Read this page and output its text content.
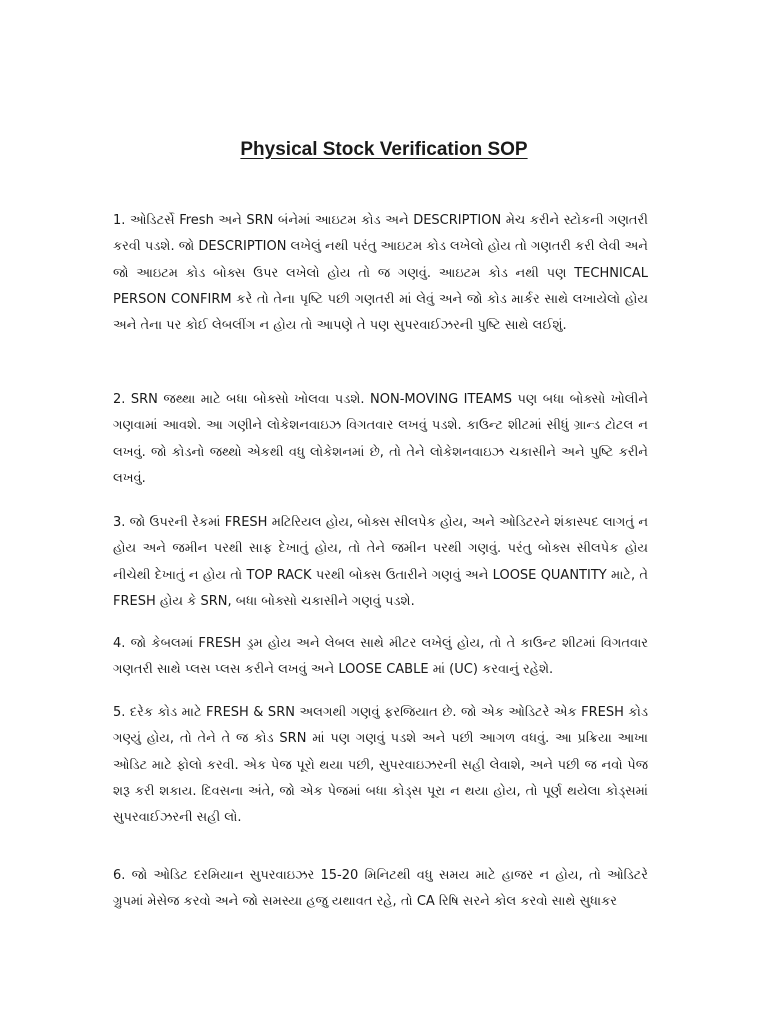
Physical Stock Verification SOP

1. ઓડિટર્સે Fresh અને SRN બંનેમાં આઇટમ કોડ અને DESCRIPTION મેચ કરીને સ્ટોકની ગણતરી કરવી પડશે. જો DESCRIPTION લખેલું નથી પરંતુ આઇટમ કોડ લખેલો હોય તો ગણતરી કરી લેવી અને જો આઇટમ કોડ બોક્સ ઉપર લખેલો હોય તો જ ગણવું. આઇટમ કોડ નથી પણ TECHNICAL PERSON CONFIRM કરે તો તેના પૃષ્ટિ પછી ગણતરી માં લેવું અને જો કોડ માર્કર સાથે લખાયેલો હોય અને તેના પર કોઈ લેબલીંગ ન હોય તો આપણે તે પણ સુપરવાઈઝરની પુષ્ટિ સાથે લઈશું.

2. SRN જથ્થા માટે બધા બોક્સો ખોલવા પડશે. NON-MOVING ITEAMS પણ બધા બોક્સો ખોલીને ગણવામાં આવશે. આ ગણીને લોકેશનવાઇઝ વિગતવાર લખવું પડશે. કાઉન્ટ શીટમાં સીધું ગ્રાન્ડ ટોટલ ન લખવું. જો કોડનો જથ્થો એકથી વધુ લોકેશનમાં છે, તો તેને લોકેશનવાઇઝ ચકાસીને અને પુષ્ટિ કરીને લખવું.

3. જો ઉપરની રેકમાં FRESH મટિરિયલ હોય, બોક્સ સીલપેક હોય, અને ઓડિટરને શંકાસ્પદ લાગતું ન હોય અને જમીન પરથી સાફ દેખાતું હોય, તો તેને જમીન પરથી ગણવું. પરંતુ બોક્સ સીલપેક હોય નીચેથી દેખાતું ન હોય તો TOP RACK પરથી બોક્સ ઉતારીને ગણવું અને LOOSE QUANTITY માટે, તે FRESH હોય કે SRN, બધા બોક્સો ચકાસીને ગણવું પડશે.

4. જો કેબલમાં FRESH ડ્રમ હોય અને લેબલ સાથે મીટર લખેલું હોય, તો તે કાઉન્ટ શીટમાં વિગતવાર ગણતરી સાથે પ્લસ પ્લસ કરીને લખવું અને LOOSE CABLE માં (UC) કરવાનું રહેશે.

5. દરેક કોડ માટે FRESH & SRN અલગથી ગણવું ફરજિયાત છે. જો એક ઓડિટરે એક FRESH કોડ ગણ્યું હોય, તો તેને તે જ કોડ SRN માં પણ ગણવું પડશે અને પછી આગળ વધવું. આ પ્રક્રિયા આખા ઓડિટ માટે ફોલો કરવી. એક પેજ પૂરો થયા પછી, સુપરવાઇઝરની સહી લેવાશે, અને પછી જ નવો પેજ શરૂ કરી શકાય. દિવસના અંતે, જો એક પેજમાં બધા કોડ્સ પૂરા ન થયા હોય, તો પૂર્ણ થયેલા કોડ્સમાં સુપરવાઈઝરની સહી લો.

6. જો ઓડિટ દરમિયાન સુપરવાઇઝર 15-20 મિનિટથી વધુ સમય માટે હાજર ન હોય, તો ઓડિટરે ગ્રુપમાં મેસેજ કરવો અને જો સમસ્યા હજુ યથાવત રહે, તો CA રિષિ સરને કોલ કરવો સાથે સુધાકર
